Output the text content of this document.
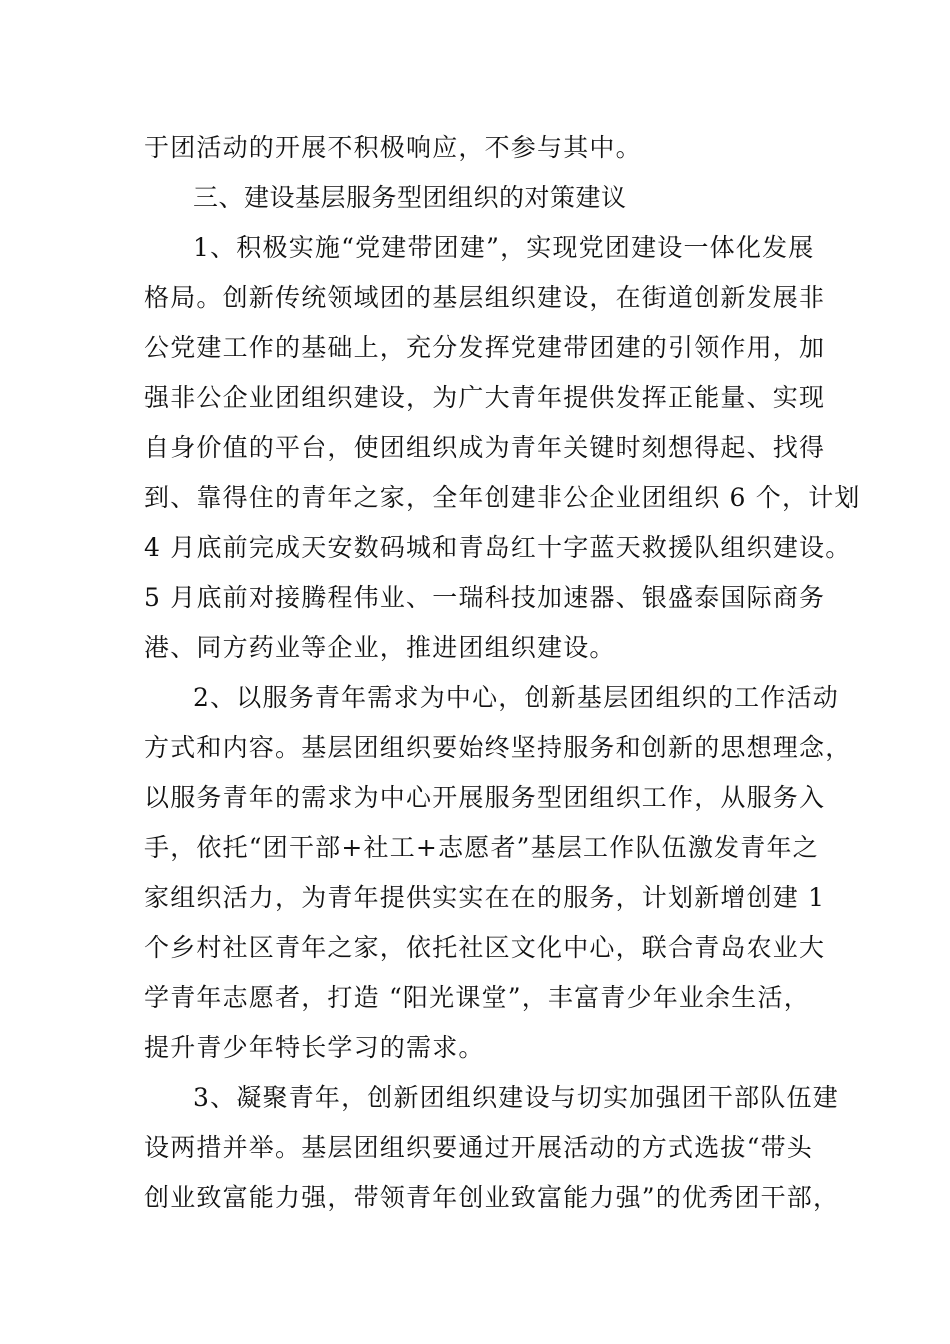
于团活动的开展不积极响应，不参与其中。
三、建设基层服务型团组织的对策建议
1、积极实施“党建带团建”，实现党团建设一体化发展
格局。创新传统领域团的基层组织建设，在街道创新发展非
公党建工作的基础上，充分发挥党建带团建的引领作用，加
强非公企业团组织建设，为广大青年提供发挥正能量、实现
自身价值的平台，使团组织成为青年关键时刻想得起、找得
到、靠得住的青年之家，全年创建非公企业团组织 6 个，计划
4 月底前完成天安数码城和青岛红十字蓝天救援队组织建设。
5 月底前对接腾程伟业、一瑞科技加速器、银盛泰国际商务
港、同方药业等企业，推进团组织建设。
2、以服务青年需求为中心，创新基层团组织的工作活动
方式和内容。基层团组织要始终坚持服务和创新的思想理念，
以服务青年的需求为中心开展服务型团组织工作，从服务入
手，依托“团干部+社工+志愿者”基层工作队伍激发青年之
家组织活力，为青年提供实实在在的服务，计划新增创建 1
个乡村社区青年之家，依托社区文化中心，联合青岛农业大
学青年志愿者，打造 “阳光课堂”，丰富青少年业余生活，
提升青少年特长学习的需求。
3、凝聚青年，创新团组织建设与切实加强团干部队伍建
设两措并举。基层团组织要通过开展活动的方式选拔“带头
创业致富能力强，带领青年创业致富能力强”的优秀团干部，
